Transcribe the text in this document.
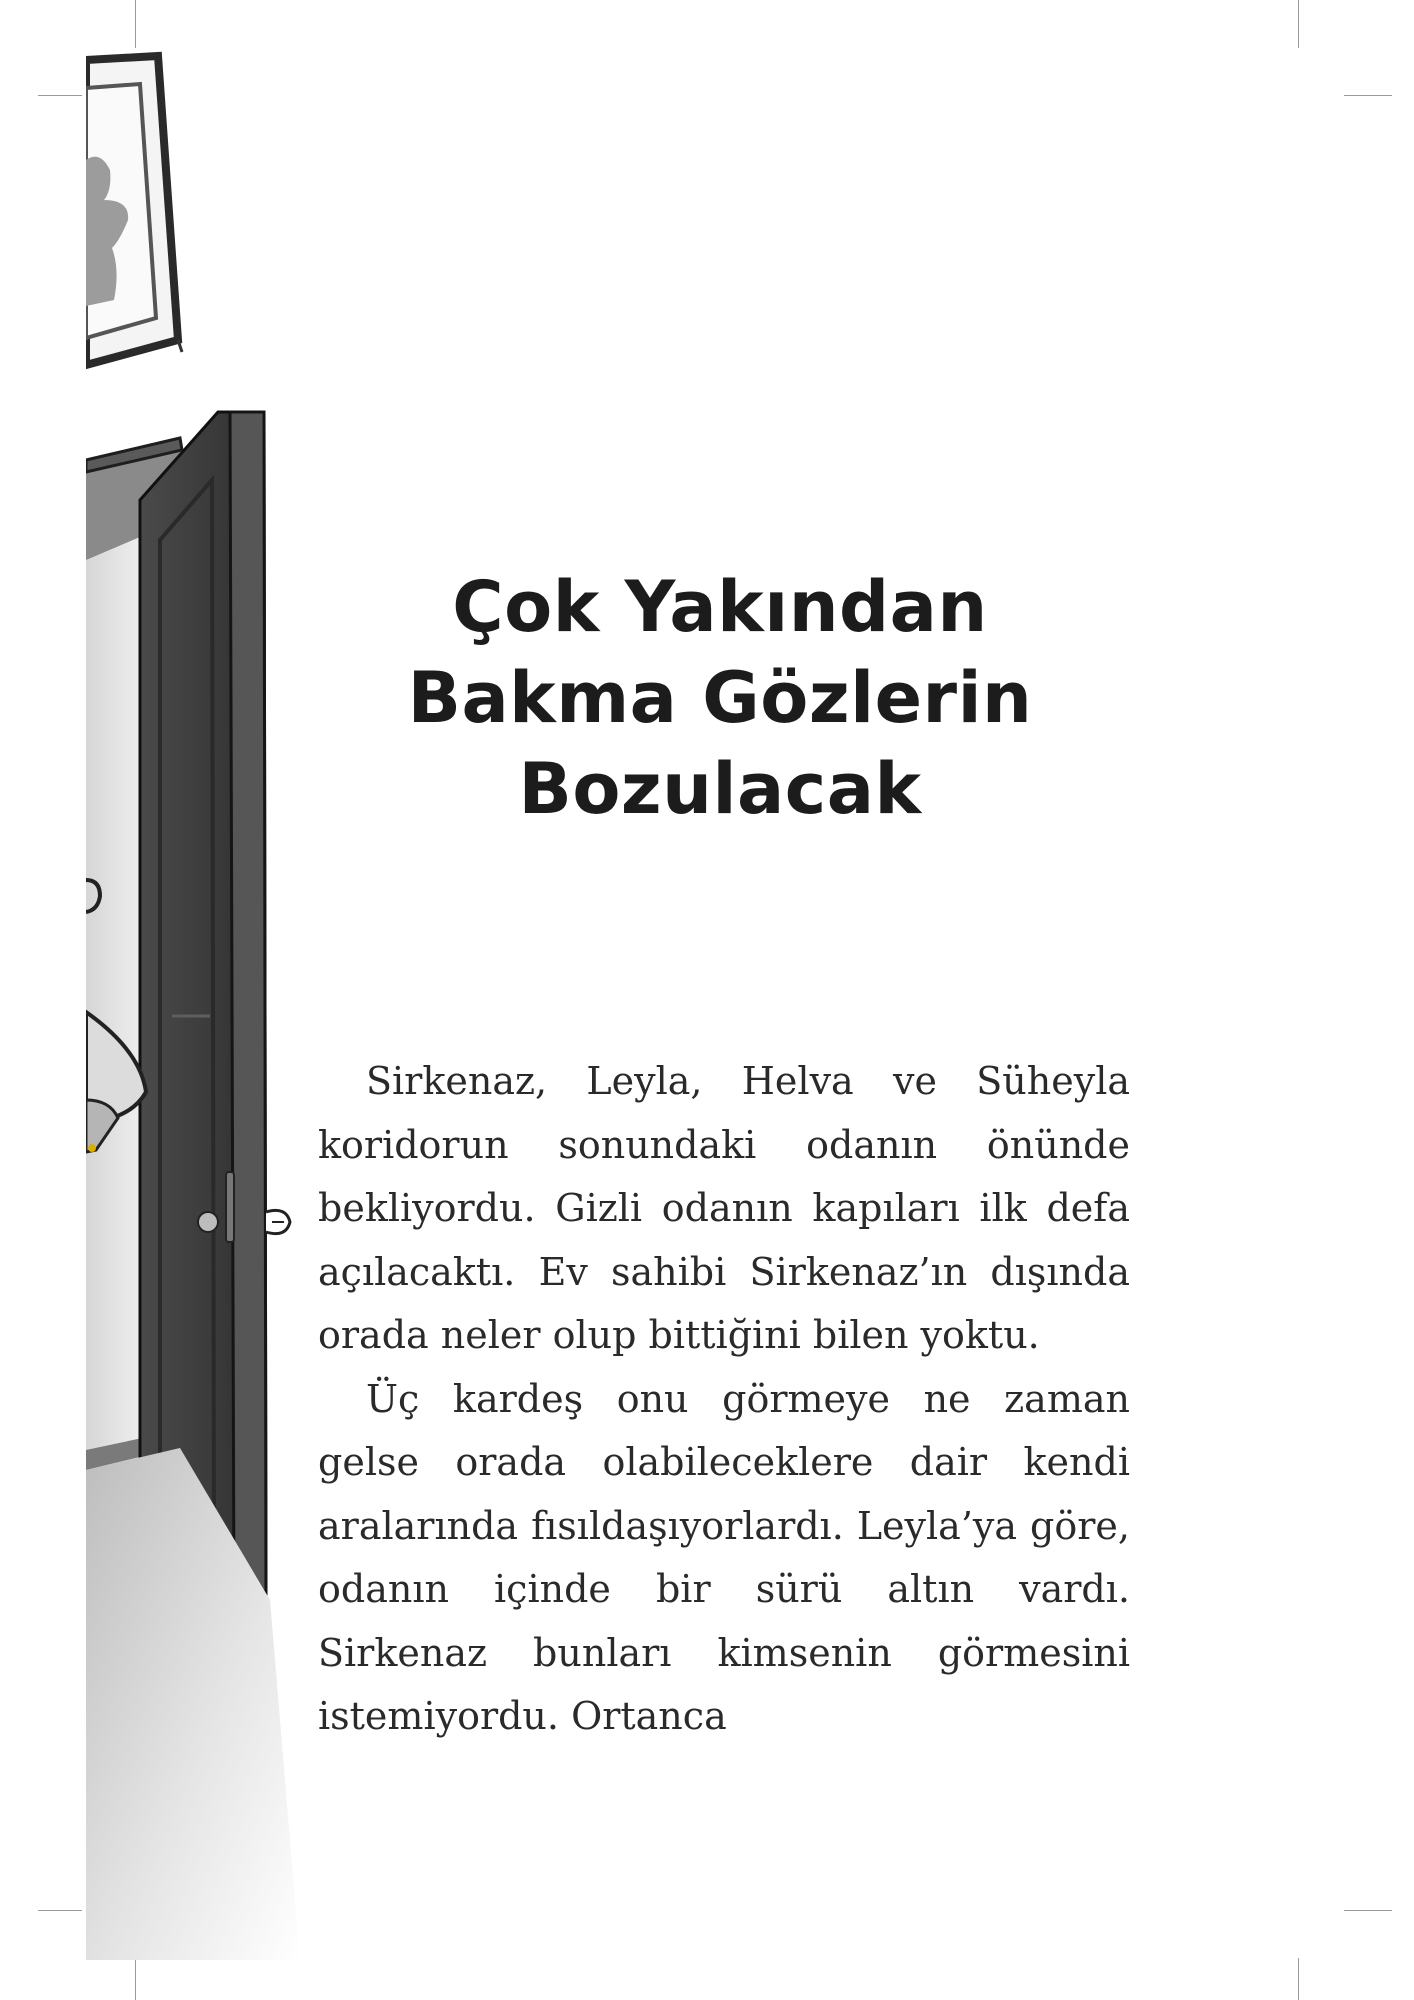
Çok Yakından
Bakma Gözlerin
Bozulacak

Sirkenaz, Leyla, Helva ve Süheyla koridorun sonundaki odanın önünde bekliyordu. Gizli odanın kapıları ilk defa açılacaktı. Ev sahibi Sirkenaz’ın dışında orada neler olup bittiğini bilen yoktu.

Üç kardeş onu görmeye ne zaman gelse orada olabileceklere dair kendi aralarında fısıldaşıyorlardı. Leyla’ya göre, odanın içinde bir sürü altın vardı. Sirkenaz bunları kimsenin görmesini istemiyordu. Ortanca
